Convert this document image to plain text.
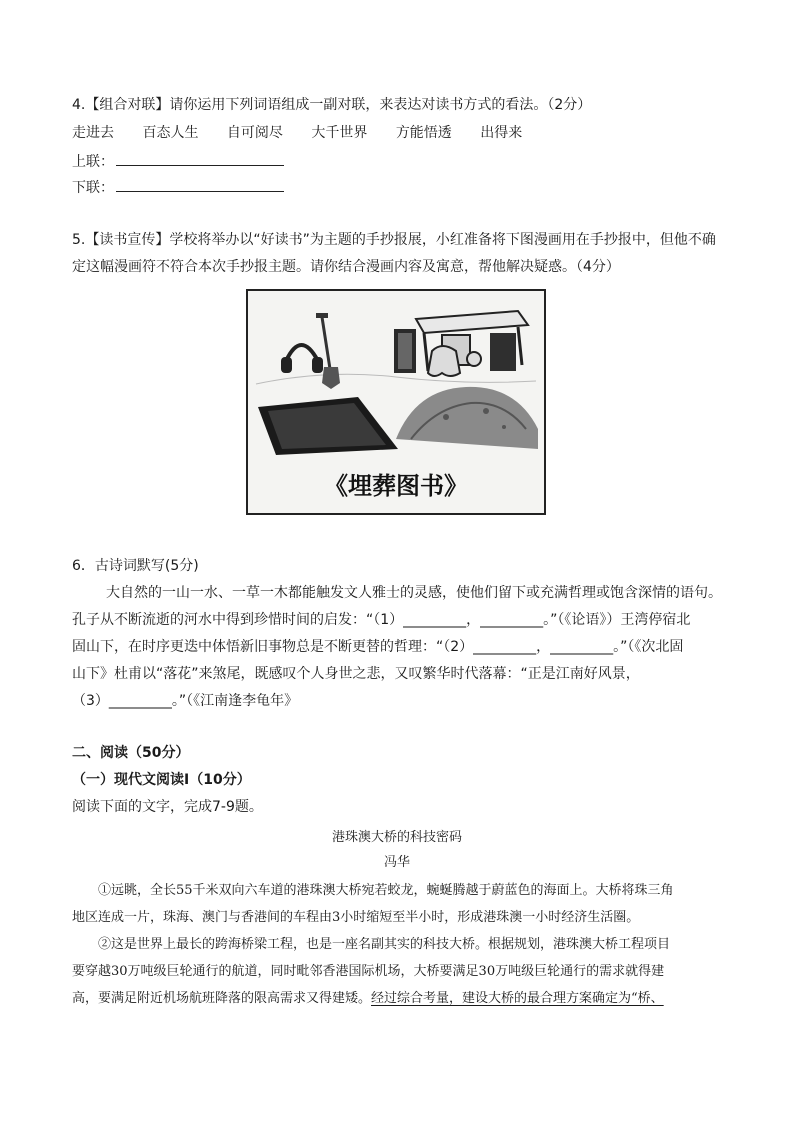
4.【组合对联】请你运用下列词语组成一副对联，来表达对读书方式的看法。（2分）
走进去 百态人生 自可阅尽 大千世界 方能悟透 出得来
上联：
下联：
5.【读书宣传】学校将举办以“好读书”为主题的手抄报展，小红准备将下图漫画用在手抄报中，但他不确
定这幅漫画符不符合本次手抄报主题。请你结合漫画内容及寓意，帮他解决疑惑。（4分）
《埋葬图书》
6．古诗词默写(5分)
大自然的一山一水、一草一木都能触发文人雅士的灵感，使他们留下或充满哲理或饱含深情的语句。
孔子从不断流逝的河水中得到珍惜时间的启发：“（1）_________，_________。”（《论语》）王湾停宿北
固山下，在时序更迭中体悟新旧事物总是不断更替的哲理：“（2）_________，_________。”（《次北固
山下》杜甫以“落花”来煞尾，既感叹个人身世之悲，又叹繁华时代落幕：“正是江南好风景，
（3）_________。”（《江南逢李龟年》
二、阅读（50分）
（一）现代文阅读Ⅰ（10分）
阅读下面的文字，完成7-9题。
港珠澳大桥的科技密码
冯华
①远眺，全长55千米双向六车道的港珠澳大桥宛若蛟龙，蜿蜒腾越于蔚蓝色的海面上。大桥将珠三角
地区连成一片，珠海、澳门与香港间的车程由3小时缩短至半小时，形成港珠澳一小时经济生活圈。
②这是世界上最长的跨海桥梁工程，也是一座名副其实的科技大桥。根据规划，港珠澳大桥工程项目
要穿越30万吨级巨轮通行的航道，同时毗邻香港国际机场，大桥要满足30万吨级巨轮通行的需求就得建
高，要满足附近机场航班降落的限高需求又得建矮。经过综合考量，建设大桥的最合理方案确定为“桥、
